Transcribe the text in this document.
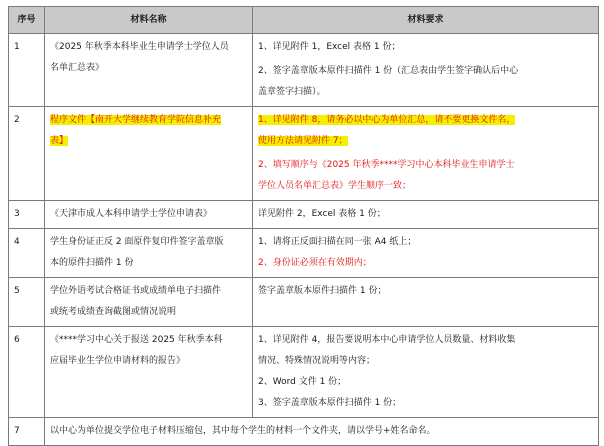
序号	材料名称	材料要求
1	《2025 年秋季本科毕业生申请学士学位人员
名单汇总表》	1、详见附件 1，Excel 表格 1 份；
2、签字盖章版本原件扫描件 1 份（汇总表由学生签字确认后中心
盖章签字扫描）。

2	程序文件【南开大学继续教育学院信息补充
表】	1、详见附件 8，请务必以中心为单位汇总，请不要更换文件名，
使用方法请见附件 7；
2、填写顺序与《2025 年秋季****学习中心本科毕业生申请学士
学位人员名单汇总表》学生顺序一致；

3	《天津市成人本科申请学士学位申请表》	详见附件 2，Excel 表格 1 份；

4	学生身份证正反 2 面原件复印件签字盖章版
本的原件扫描件 1 份	1、请将正反面扫描在同一张 A4 纸上；
2、身份证必须在有效期内；

5	学位外语考试合格证书或成绩单电子扫描件
或统考成绩查询截图或情况说明	签字盖章版本原件扫描件 1 份；

6	《****学习中心关于报送 2025 年秋季本科
应届毕业生学位申请材料的报告》	1、详见附件 4，报告要说明本中心申请学位人员数量、材料收集
情况、特殊情况说明等内容；
2、Word 文件 1 份；
3、签字盖章版本原件扫描件 1 份；

7	以中心为单位提交学位电子材料压缩包，其中每个学生的材料一个文件夹，请以学号+姓名命名。	
